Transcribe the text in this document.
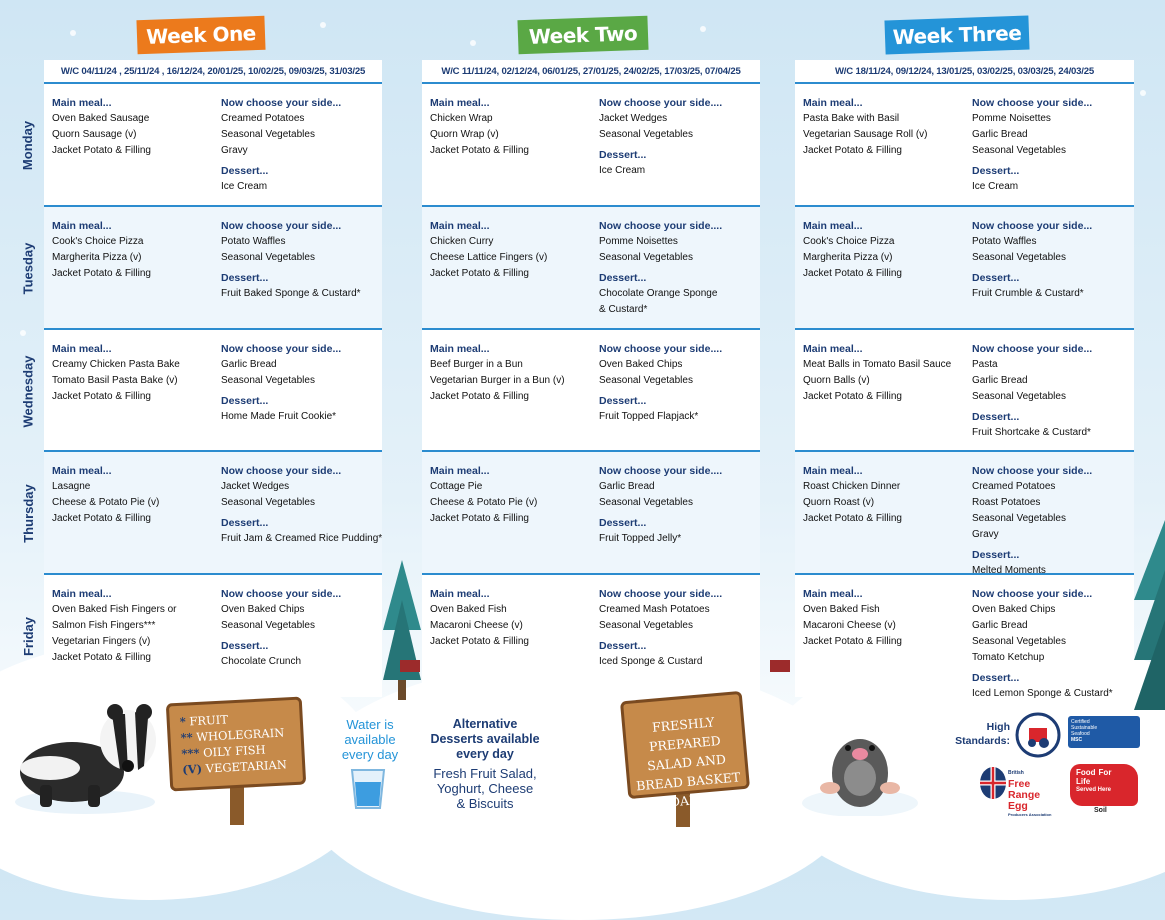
Week One	Week Two	Week Three
Monday
Tuesday
Wednesday
Thursday
Friday
W/C 04/11/24 , 25/11/24 , 16/12/24, 20/01/25, 10/02/25, 09/03/25, 31/03/25
Main meal...
Oven Baked Sausage
Quorn Sausage (v)
Jacket Potato & Filling
Now choose your side...
Creamed Potatoes
Seasonal Vegetables
Gravy
Dessert...
Ice Cream
Main meal...
Cook's Choice Pizza
Margherita Pizza (v)
Jacket Potato & Filling
Now choose your side...
Potato Waffles
Seasonal Vegetables
Dessert...
Fruit Baked Sponge & Custard*
Main meal...
Creamy Chicken Pasta Bake
Tomato Basil Pasta Bake (v)
Jacket Potato & Filling
Now choose your side...
Garlic Bread
Seasonal Vegetables
Dessert...
Home Made Fruit Cookie*
Main meal...
Lasagne
Cheese & Potato Pie (v)
Jacket Potato & Filling
Now choose your side...
Jacket Wedges
Seasonal Vegetables
Dessert...
Fruit Jam & Creamed Rice Pudding*
Main meal...
Oven Baked Fish Fingers or
Salmon Fish Fingers***
Vegetarian Fingers (v)
Jacket Potato & Filling
Now choose your side...
Oven Baked Chips
Seasonal Vegetables
Dessert...
Chocolate Crunch
W/C 11/11/24, 02/12/24, 06/01/25, 27/01/25, 24/02/25, 17/03/25, 07/04/25
Main meal...
Chicken Wrap
Quorn Wrap (v)
Jacket Potato & Filling
Now choose your side....
Jacket Wedges
Seasonal Vegetables
Dessert...
Ice Cream
Main meal...
Chicken Curry
Cheese Lattice Fingers (v)
Jacket Potato & Filling
Now choose your side....
Pomme Noisettes
Seasonal Vegetables
Dessert...
Chocolate Orange Sponge
& Custard*
Main meal...
Beef Burger in a Bun
Vegetarian Burger in a Bun (v)
Jacket Potato & Filling
Now choose your side....
Oven Baked Chips
Seasonal Vegetables
Dessert...
Fruit Topped Flapjack*
Main meal...
Cottage Pie
Cheese & Potato Pie (v)
Jacket Potato & Filling
Now choose your side....
Garlic Bread
Seasonal Vegetables
Dessert...
Fruit Topped Jelly*
Main meal...
Oven Baked Fish
Macaroni Cheese (v)
Jacket Potato & Filling
Now choose your side....
Creamed Mash Potatoes
Seasonal Vegetables
Dessert...
Iced Sponge & Custard
W/C 18/11/24, 09/12/24, 13/01/25, 03/02/25, 03/03/25, 24/03/25
Main meal...
Pasta Bake with Basil
Vegetarian Sausage Roll (v)
Jacket Potato & Filling
Now choose your side...
Pomme Noisettes
Garlic Bread
Seasonal Vegetables
Dessert...
Ice Cream
Main meal...
Cook's Choice Pizza
Margherita Pizza (v)
Jacket Potato & Filling
Now choose your side...
Potato Waffles
Seasonal Vegetables
Dessert...
Fruit Crumble & Custard*
Main meal...
Meat Balls in Tomato Basil Sauce
Quorn Balls (v)
Jacket Potato & Filling
Now choose your side...
Pasta
Garlic Bread
Seasonal Vegetables
Dessert...
Fruit Shortcake & Custard*
Main meal...
Roast Chicken Dinner
Quorn Roast (v)
Jacket Potato & Filling
Now choose your side...
Creamed Potatoes
Roast Potatoes
Seasonal Vegetables
Gravy
Dessert...
Melted Moments
Main meal...
Oven Baked Fish
Macaroni Cheese (v)
Jacket Potato & Filling
Now choose your side...
Oven Baked Chips
Garlic Bread
Seasonal Vegetables
Tomato Ketchup
Dessert...
Iced Lemon Sponge & Custard*
* FRUIT
** WHOLEGRAIN
*** OILY FISH
(V) VEGETARIAN
Water is
available
every day
Alternative
Desserts available
every day
Fresh Fruit Salad,
Yoghurt, Cheese
& Biscuits
FRESHLY PREPARED
SALAD AND
BREAD BASKET DAILY
High
Standards:
Certified
Sustainable
Seafood
MSC
British
Free
Range
Egg
Producers Association
Food For
Life
Served Here
Soil
